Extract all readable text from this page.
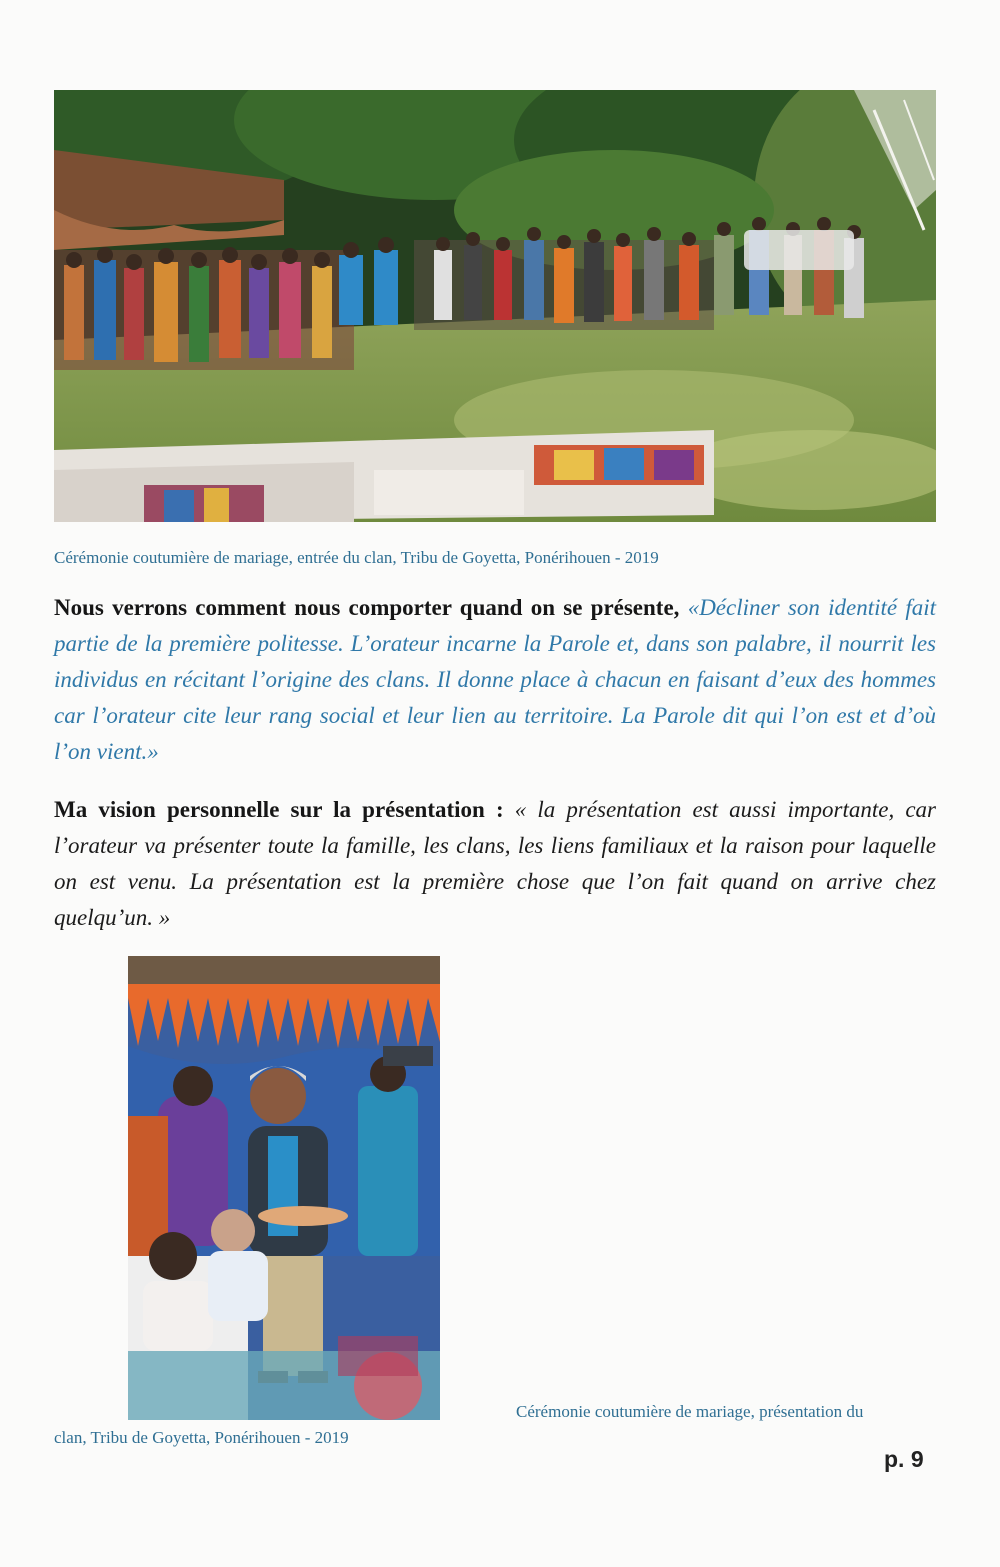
Cérémonie coutumière de mariage, entrée du clan, Tribu de Goyetta, Ponérihouen - 2019

Nous verrons comment nous comporter quand on se présente, «Décliner son identité fait partie de la première politesse. L’orateur incarne la Parole et, dans son palabre, il nourrit les individus en récitant l’origine des clans. Il donne place à chacun en faisant d’eux des hommes car l’orateur cite leur rang social et leur lien au territoire. La Parole dit qui l’on est et d’où l’on vient.»

Ma vision personnelle sur la présentation : « la présentation est aussi importante, car l’orateur va présenter toute la famille, les clans, les liens familiaux et la raison pour laquelle on est venu. La présentation est la première chose que l’on fait quand on arrive chez quelqu’un. »

Cérémonie coutumière de mariage, présentation du
clan, Tribu de Goyetta, Ponérihouen - 2019
p. 9
